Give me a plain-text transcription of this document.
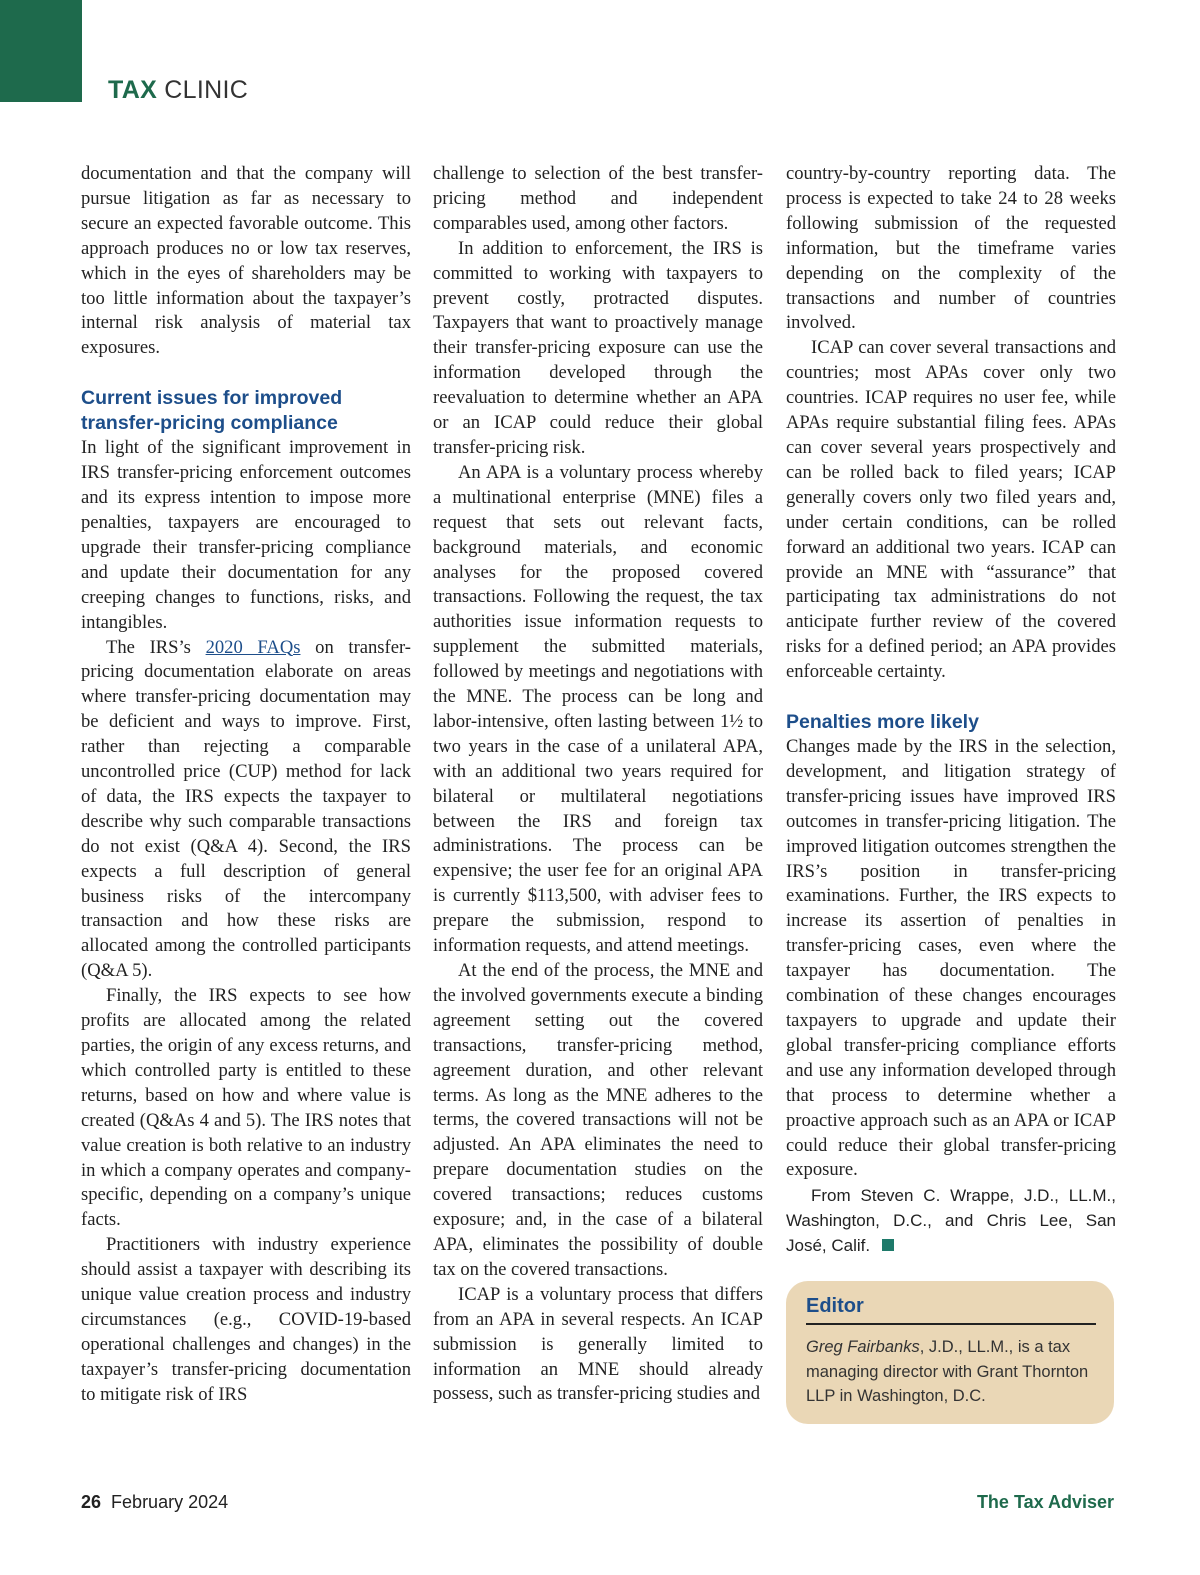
TAX CLINIC

documentation and that the company will pursue litigation as far as necessary to secure an expected favorable outcome. This approach produces no or low tax reserves, which in the eyes of shareholders may be too little information about the taxpayer’s internal risk analysis of material tax exposures.

Current issues for improved transfer-pricing compliance

In light of the significant improvement in IRS transfer-pricing enforcement outcomes and its express intention to impose more penalties, taxpayers are encouraged to upgrade their transfer-pricing compliance and update their documentation for any creeping changes to functions, risks, and intangibles.

The IRS’s 2020 FAQs on transfer-pricing documentation elaborate on areas where transfer-pricing documentation may be deficient and ways to improve. First, rather than rejecting a comparable uncontrolled price (CUP) method for lack of data, the IRS expects the taxpayer to describe why such comparable transactions do not exist (Q&A 4). Second, the IRS expects a full description of general business risks of the intercompany transaction and how these risks are allocated among the controlled participants (Q&A 5).

Finally, the IRS expects to see how profits are allocated among the related parties, the origin of any excess returns, and which controlled party is entitled to these returns, based on how and where value is created (Q&As 4 and 5). The IRS notes that value creation is both relative to an industry in which a company operates and company-specific, depending on a company’s unique facts.

Practitioners with industry experience should assist a taxpayer with describing its unique value creation process and industry circumstances (e.g., COVID-19-based operational challenges and changes) in the taxpayer’s transfer-pricing documentation to mitigate risk of IRS

challenge to selection of the best transfer-pricing method and independent comparables used, among other factors.

In addition to enforcement, the IRS is committed to working with taxpayers to prevent costly, protracted disputes. Taxpayers that want to proactively manage their transfer-pricing exposure can use the information developed through the reevaluation to determine whether an APA or an ICAP could reduce their global transfer-pricing risk.

An APA is a voluntary process whereby a multinational enterprise (MNE) files a request that sets out relevant facts, background materials, and economic analyses for the proposed covered transactions. Following the request, the tax authorities issue information requests to supplement the submitted materials, followed by meetings and negotiations with the MNE. The process can be long and labor-intensive, often lasting between 1½ to two years in the case of a unilateral APA, with an additional two years required for bilateral or multilateral negotiations between the IRS and foreign tax administrations. The process can be expensive; the user fee for an original APA is currently $113,500, with adviser fees to prepare the submission, respond to information requests, and attend meetings.

At the end of the process, the MNE and the involved governments execute a binding agreement setting out the covered transactions, transfer-pricing method, agreement duration, and other relevant terms. As long as the MNE adheres to the terms, the covered transactions will not be adjusted. An APA eliminates the need to prepare documentation studies on the covered transactions; reduces customs exposure; and, in the case of a bilateral APA, eliminates the possibility of double tax on the covered transactions.

ICAP is a voluntary process that differs from an APA in several respects. An ICAP submission is generally limited to information an MNE should already possess, such as transfer-pricing studies and

country-by-country reporting data. The process is expected to take 24 to 28 weeks following submission of the requested information, but the timeframe varies depending on the complexity of the transactions and number of countries involved.

ICAP can cover several transactions and countries; most APAs cover only two countries. ICAP requires no user fee, while APAs require substantial filing fees. APAs can cover several years prospectively and can be rolled back to filed years; ICAP generally covers only two filed years and, under certain conditions, can be rolled forward an additional two years. ICAP can provide an MNE with “assurance” that participating tax administrations do not anticipate further review of the covered risks for a defined period; an APA provides enforceable certainty.

Penalties more likely

Changes made by the IRS in the selection, development, and litigation strategy of transfer-pricing issues have improved IRS outcomes in transfer-pricing litigation. The improved litigation outcomes strengthen the IRS’s position in transfer-pricing examinations. Further, the IRS expects to increase its assertion of penalties in transfer-pricing cases, even where the taxpayer has documentation. The combination of these changes encourages taxpayers to upgrade and update their global transfer-pricing compliance efforts and use any information developed through that process to determine whether a proactive approach such as an APA or ICAP could reduce their global transfer-pricing exposure.

From Steven C. Wrappe, J.D., LL.M., Washington, D.C., and Chris Lee, San José, Calif.

Editor
Greg Fairbanks, J.D., LL.M., is a tax managing director with Grant Thornton LLP in Washington, D.C.
26 February 2024	The Tax Adviser
